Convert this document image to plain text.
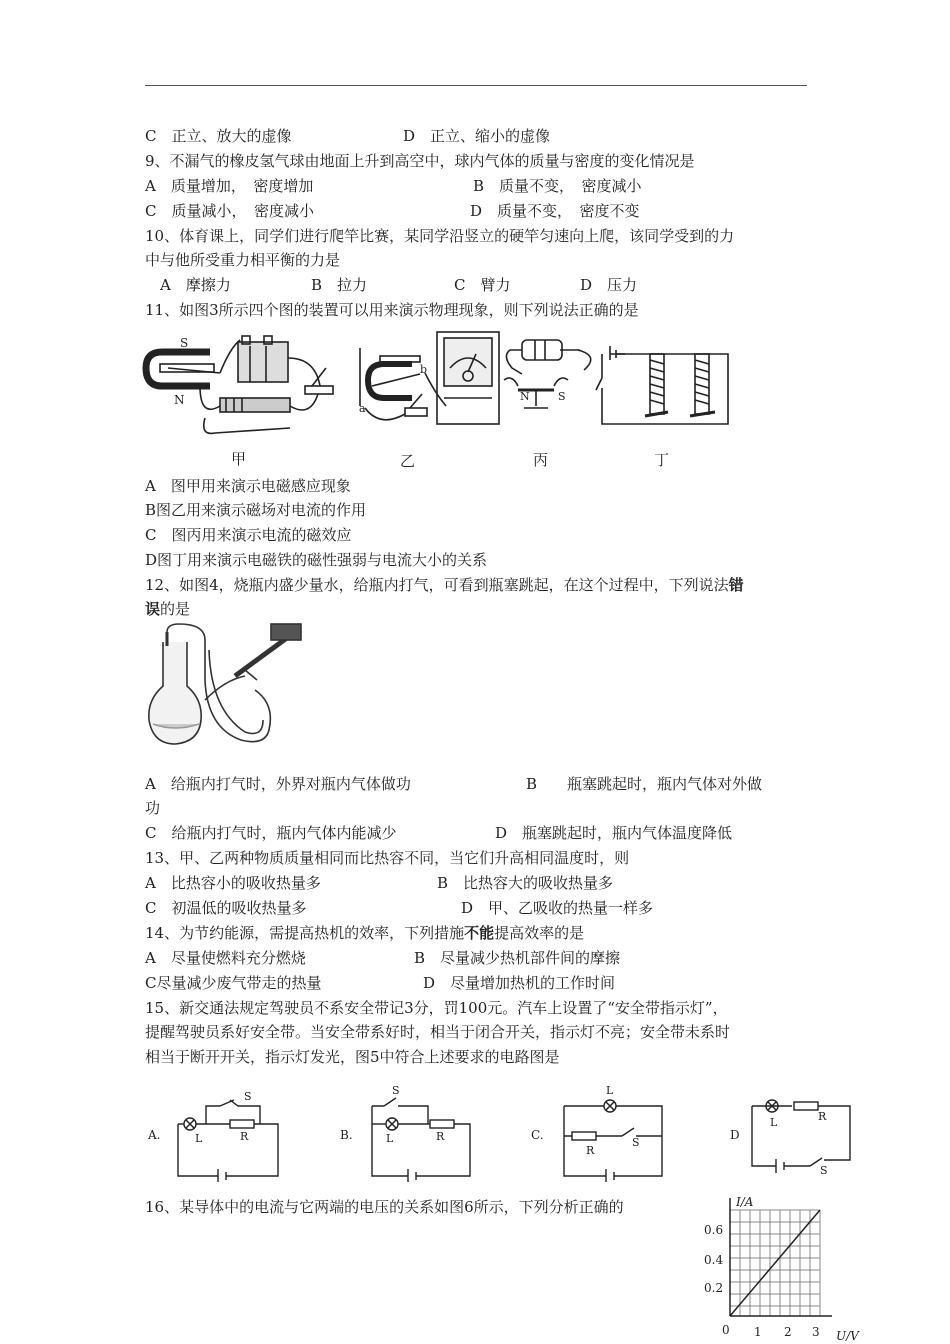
C　正立、放大的虚像	D　正立、缩小的虚像
9、不漏气的橡皮氢气球由地面上升到高空中，球内气体的质量与密度的变化情况是
A　质量增加，　密度增加	B　质量不变，　密度减小
C　质量减小，　密度减小	D　质量不变，　密度不变
10、体育课上，同学们进行爬竿比赛，某同学沿竖立的硬竿匀速向上爬，该同学受到的力
中与他所受重力相平衡的力是
A　摩擦力	B　拉力	C　臂力	D　压力
11、如图3所示四个图的装置可以用来演示物理现象，则下列说法正确的是
S
N
a
b
N	S
甲	乙	丙	丁
A　图甲用来演示电磁感应现象
B图乙用来演示磁场对电流的作用
C　图丙用来演示电流的磁效应
D图丁用来演示电磁铁的磁性强弱与电流大小的关系
12、如图4，烧瓶内盛少量水，给瓶内打气，可看到瓶塞跳起，在这个过程中，下列说法错
误的是
A　给瓶内打气时，外界对瓶内气体做功	B　　瓶塞跳起时，瓶内气体对外做
功
C　给瓶内打气时，瓶内气体内能减少	D　瓶塞跳起时，瓶内气体温度降低
13、甲、乙两种物质质量相同而比热容不同，当它们升高相同温度时，则
A　比热容小的吸收热量多	B　比热容大的吸收热量多
C　初温低的吸收热量多	D　甲、乙吸收的热量一样多
14、为节约能源，需提高热机的效率，下列措施不能提高效率的是
A　尽量使燃料充分燃烧	B　尽量减少热机部件间的摩擦
C尽量减少废气带走的热量	D　尽量增加热机的工作时间
15、新交通法规定驾驶员不系安全带记3分，罚100元。汽车上设置了“安全带指示灯”，
提醒驾驶员系好安全带。当安全带系好时，相当于闭合开关，指示灯不亮；安全带未系时
相当于断开开关，指示灯发光，图5中符合上述要求的电路图是
A.	B.	C.	D
L	R
S
L	R
S	L
R
S
L	R
S
16、某导体中的电流与它两端的电压的关系如图6所示，下列分析正确的	I/A
U/V
0.6
0.4
0.2
0 1 2 3
